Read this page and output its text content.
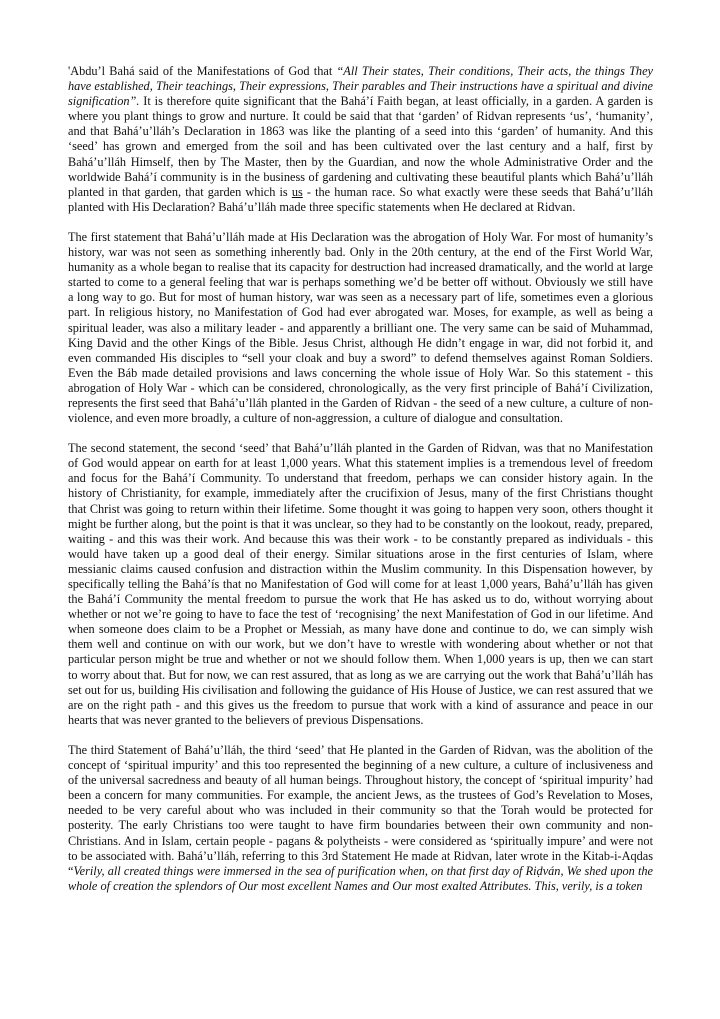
'Abdu’l Bahá said of the Manifestations of God that “All Their states, Their conditions, Their acts, the things They have established, Their teachings, Their expressions, Their parables and Their instructions have a spiritual and divine signification”. It is therefore quite significant that the Bahá’í Faith began, at least officially, in a garden. A garden is where you plant things to grow and nurture. It could be said that that ‘garden’ of Ridvan represents ‘us’, ‘humanity’, and that Bahá’u’lláh’s Declaration in 1863 was like the planting of a seed into this ‘garden’ of humanity. And this ‘seed’ has grown and emerged from the soil and has been cultivated over the last century and a half, first by Bahá’u’lláh Himself, then by The Master, then by the Guardian, and now the whole Administrative Order and the worldwide Bahá’í community is in the business of gardening and cultivating these beautiful plants which Bahá’u’lláh planted in that garden, that garden which is us - the human race. So what exactly were these seeds that Bahá’u’lláh planted with His Declaration? Bahá’u’lláh made three specific statements when He declared at Ridvan.

The first statement that Bahá’u’lláh made at His Declaration was the abrogation of Holy War. For most of humanity’s history, war was not seen as something inherently bad. Only in the 20th century, at the end of the First World War, humanity as a whole began to realise that its capacity for destruction had increased dramatically, and the world at large started to come to a general feeling that war is perhaps something we’d be better off without. Obviously we still have a long way to go. But for most of human history, war was seen as a necessary part of life, sometimes even a glorious part. In religious history, no Manifestation of God had ever abrogated war. Moses, for example, as well as being a spiritual leader, was also a military leader - and apparently a brilliant one. The very same can be said of Muhammad, King David and the other Kings of the Bible. Jesus Christ, although He didn’t engage in war, did not forbid it, and even commanded His disciples to “sell your cloak and buy a sword” to defend themselves against Roman Soldiers. Even the Báb made detailed provisions and laws concerning the whole issue of Holy War. So this statement - this abrogation of Holy War - which can be considered, chronologically, as the very first principle of Bahá’í Civilization, represents the first seed that Bahá’u’lláh planted in the Garden of Ridvan - the seed of a new culture, a culture of non-violence, and even more broadly, a culture of non-aggression, a culture of dialogue and consultation.

The second statement, the second ‘seed’ that Bahá’u’lláh planted in the Garden of Ridvan, was that no Manifestation of God would appear on earth for at least 1,000 years. What this statement implies is a tremendous level of freedom and focus for the Bahá’í Community. To understand that freedom, perhaps we can consider history again. In the history of Christianity, for example, immediately after the crucifixion of Jesus, many of the first Christians thought that Christ was going to return within their lifetime. Some thought it was going to happen very soon, others thought it might be further along, but the point is that it was unclear, so they had to be constantly on the lookout, ready, prepared, waiting - and this was their work. And because this was their work - to be constantly prepared as individuals - this would have taken up a good deal of their energy. Similar situations arose in the first centuries of Islam, where messianic claims caused confusion and distraction within the Muslim community. In this Dispensation however, by specifically telling the Bahá’ís that no Manifestation of God will come for at least 1,000 years, Bahá’u’lláh has given the Bahá’í Community the mental freedom to pursue the work that He has asked us to do, without worrying about whether or not we’re going to have to face the test of ‘recognising’ the next Manifestation of God in our lifetime. And when someone does claim to be a Prophet or Messiah, as many have done and continue to do, we can simply wish them well and continue on with our work, but we don’t have to wrestle with wondering about whether or not that particular person might be true and whether or not we should follow them. When 1,000 years is up, then we can start to worry about that. But for now, we can rest assured, that as long as we are carrying out the work that Bahá’u’lláh has set out for us, building His civilisation and following the guidance of His House of Justice, we can rest assured that we are on the right path - and this gives us the freedom to pursue that work with a kind of assurance and peace in our hearts that was never granted to the believers of previous Dispensations.

The third Statement of Bahá’u’lláh, the third ‘seed’ that He planted in the Garden of Ridvan, was the abolition of the concept of ‘spiritual impurity’ and this too represented the beginning of a new culture, a culture of inclusiveness and of the universal sacredness and beauty of all human beings. Throughout history, the concept of ‘spiritual impurity’ had been a concern for many communities. For example, the ancient Jews, as the trustees of God’s Revelation to Moses, needed to be very careful about who was included in their community so that the Torah would be protected for posterity. The early Christians too were taught to have firm boundaries between their own community and non-Christians. And in Islam, certain people - pagans & polytheists - were considered as ‘spiritually impure’ and were not to be associated with. Bahá’u’lláh, referring to this 3rd Statement He made at Ridvan, later wrote in the Kitab-i-Aqdas “Verily, all created things were immersed in the sea of purification when, on that first day of Riḍván, We shed upon the whole of creation the splendors of Our most excellent Names and Our most exalted Attributes. This, verily, is a token
